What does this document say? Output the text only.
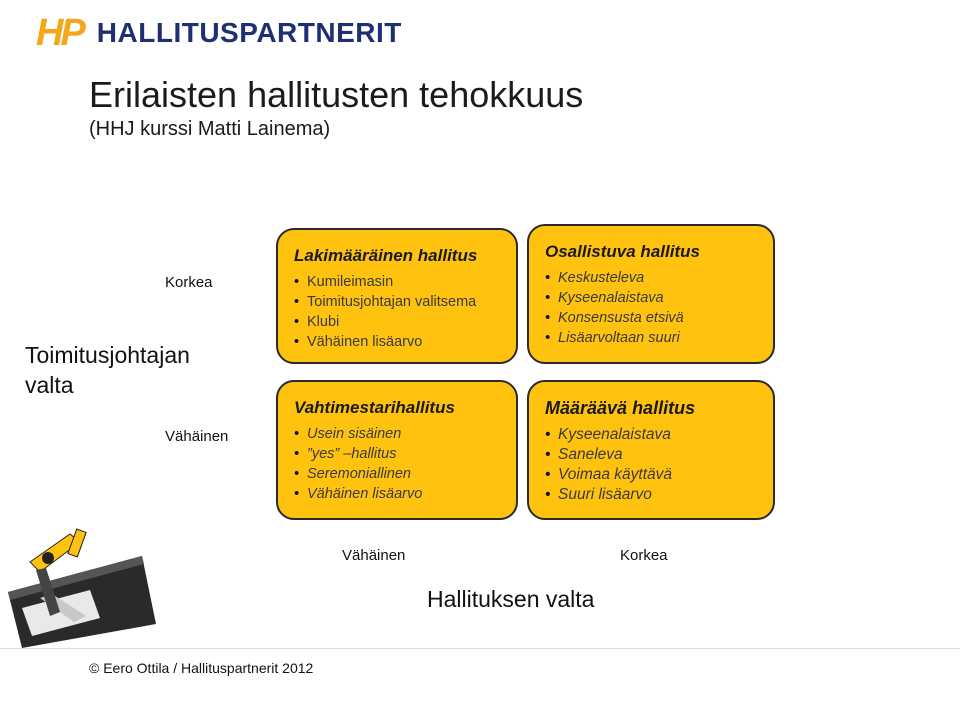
HP HALLITUSPARTNERIT
Erilaisten hallitusten tehokkuus
(HHJ kurssi Matti Lainema)
Korkea
Vähäinen
Toimitusjohtajan valta
Lakimääräinen hallitus
• Kumileimasin
• Toimitusjohtajan valitsema
• Klubi
• Vähäinen lisäarvo
Vahtimestarihallitus
• Usein sisäinen
• ”yes” –hallitus
• Seremoniallinen
• Vähäinen lisäarvo
Osallistuva hallitus
• Keskusteleva
• Kyseenalaistava
• Konsensusta etsivä
• Lisäarvoltaan suuri
Määräävä hallitus
• Kyseenalaistava
• Saneleva
• Voimaa käyttävä
• Suuri lisäarvo
Vähäinen	Korkea
Hallituksen valta
© Eero Ottila / Hallituspartnerit 2012
